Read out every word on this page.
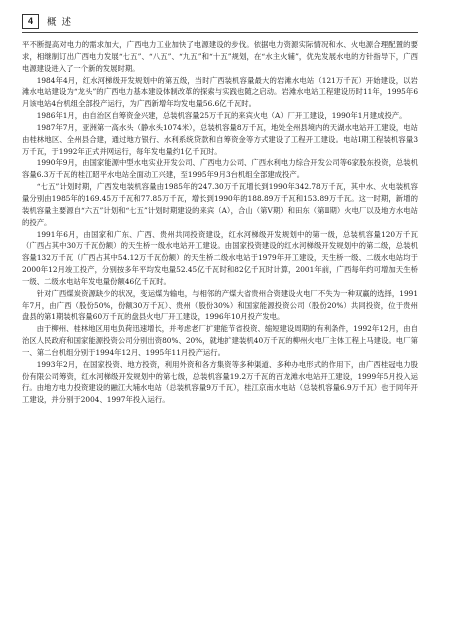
4	概述

平不断提高对电力的需求加大，广西电力工业加快了电源建设的步伐。依据电力资源实际情况和水、火电源合理配置的要求，相继制订出广西电力发展“七五”、“八五”、“九五”和“十五”规划，在“水主火辅”，优先发展水电的方针指导下，广西电源建设进入了一个新的发展时期。

1984年4月，红水河梯级开发规划中的第五级，当时广西装机容量最大的岩滩水电站（121万千瓦）开始建设，以岩滩水电站建设为“龙头”的广西电力基本建设体制改革的探索与实践也随之启动。岩滩水电站工程建设历时11年，1995年6月该电站4台机组全部投产运行，为广西新增年均发电量56.6亿千瓦时。

1986年1月，由自治区自筹资金兴建，总装机容量25万千瓦的来宾火电（A）厂开工建设，1990年1月建成投产。

1987年7月，亚洲第一高水头（静水头1074米），总装机容量8万千瓦，地处全州县境内的天湖水电站开工建设，电站由桂林地区、全州县合建，通过地方银行、水利系统贷款和自筹资金等方式建设了工程开工建设。电站Ⅰ期工程装机容量3万千瓦，于1992年正式并网运行，每年发电量约1亿千瓦时。

1990年9月，由国家能源中型水电实业开发公司、广西电力公司、广西水利电力综合开发公司等6家股东投资，总装机容量6.3万千瓦的桂江昭平水电站全面动工兴建，至1995年9月3台机组全部建成投产。

“七五”计划时期，广西发电装机容量由1985年的247.30万千瓦增长到1990年342.78万千瓦，其中水、火电装机容量分别由1985年的169.45万千瓦和77.85万千瓦，增长到1990年的188.89万千瓦和153.89万千瓦。这一时期，新增的装机容量主要源自“六五”计划和“七五”计划时期建设的来宾（A），合山（第Ⅴ期）和田东（第Ⅱ期）火电厂以及地方水电站的投产。

1991年6月，由国家和广东、广西、贵州共同投资建设，红水河梯级开发规划中的第一级，总装机容量120万千瓦（广西占其中30万千瓦份额）的天生桥一级水电站开工建设。由国家投资建设的红水河梯级开发规划中的第二级，总装机容量132万千瓦（广西占其中54.12万千瓦份额）的天生桥二级水电站于1979年开工建设，天生桥一级、二级水电站均于2000年12月竣工投产，分别按多年平均发电量52.45亿千瓦时和82亿千瓦时计算，2001年前，广西每年约可增加天生桥一级、二级水电站年发电量份额46亿千瓦时。

针对广西煤炭资源缺少的状况，变运煤为输电，与相邻的产煤大省贵州合资建设火电厂不失为一种双赢的选择，1991年7月，由广西（股份50%，份额30万千瓦）、贵州（股份30%）和国家能源投资公司（股份20%）共同投资，位于贵州盘县的第1期装机容量60万千瓦的盘县火电厂开工建设，1996年10月投产发电。

由于柳州、桂林地区用电负荷迅速增长，并考虑老厂扩建能节省投资、缩短建设周期的有利条件，1992年12月，由自治区人民政府和国家能源投资公司分别出资80%、20%，就地扩建装机40万千瓦的柳州火电厂主体工程上马建设。电厂第一、第二台机组分别于1994年12月、1995年11月投产运行。

1993年2月，在国家投资、地方投资，利用外资和各方集资等多种渠道、多种办电形式的作用下，由广西桂冠电力股份有限公司筹资，红水河梯级开发规划中的第七级，总装机容量19.2万千瓦的百龙滩水电站开工建设，1999年5月投入运行。由地方电力投资建设的融江大埔水电站（总装机容量9万千瓦），桂江京南水电站（总装机容量6.9万千瓦）也于同年开工建设，并分别于2004、1997年投入运行。
